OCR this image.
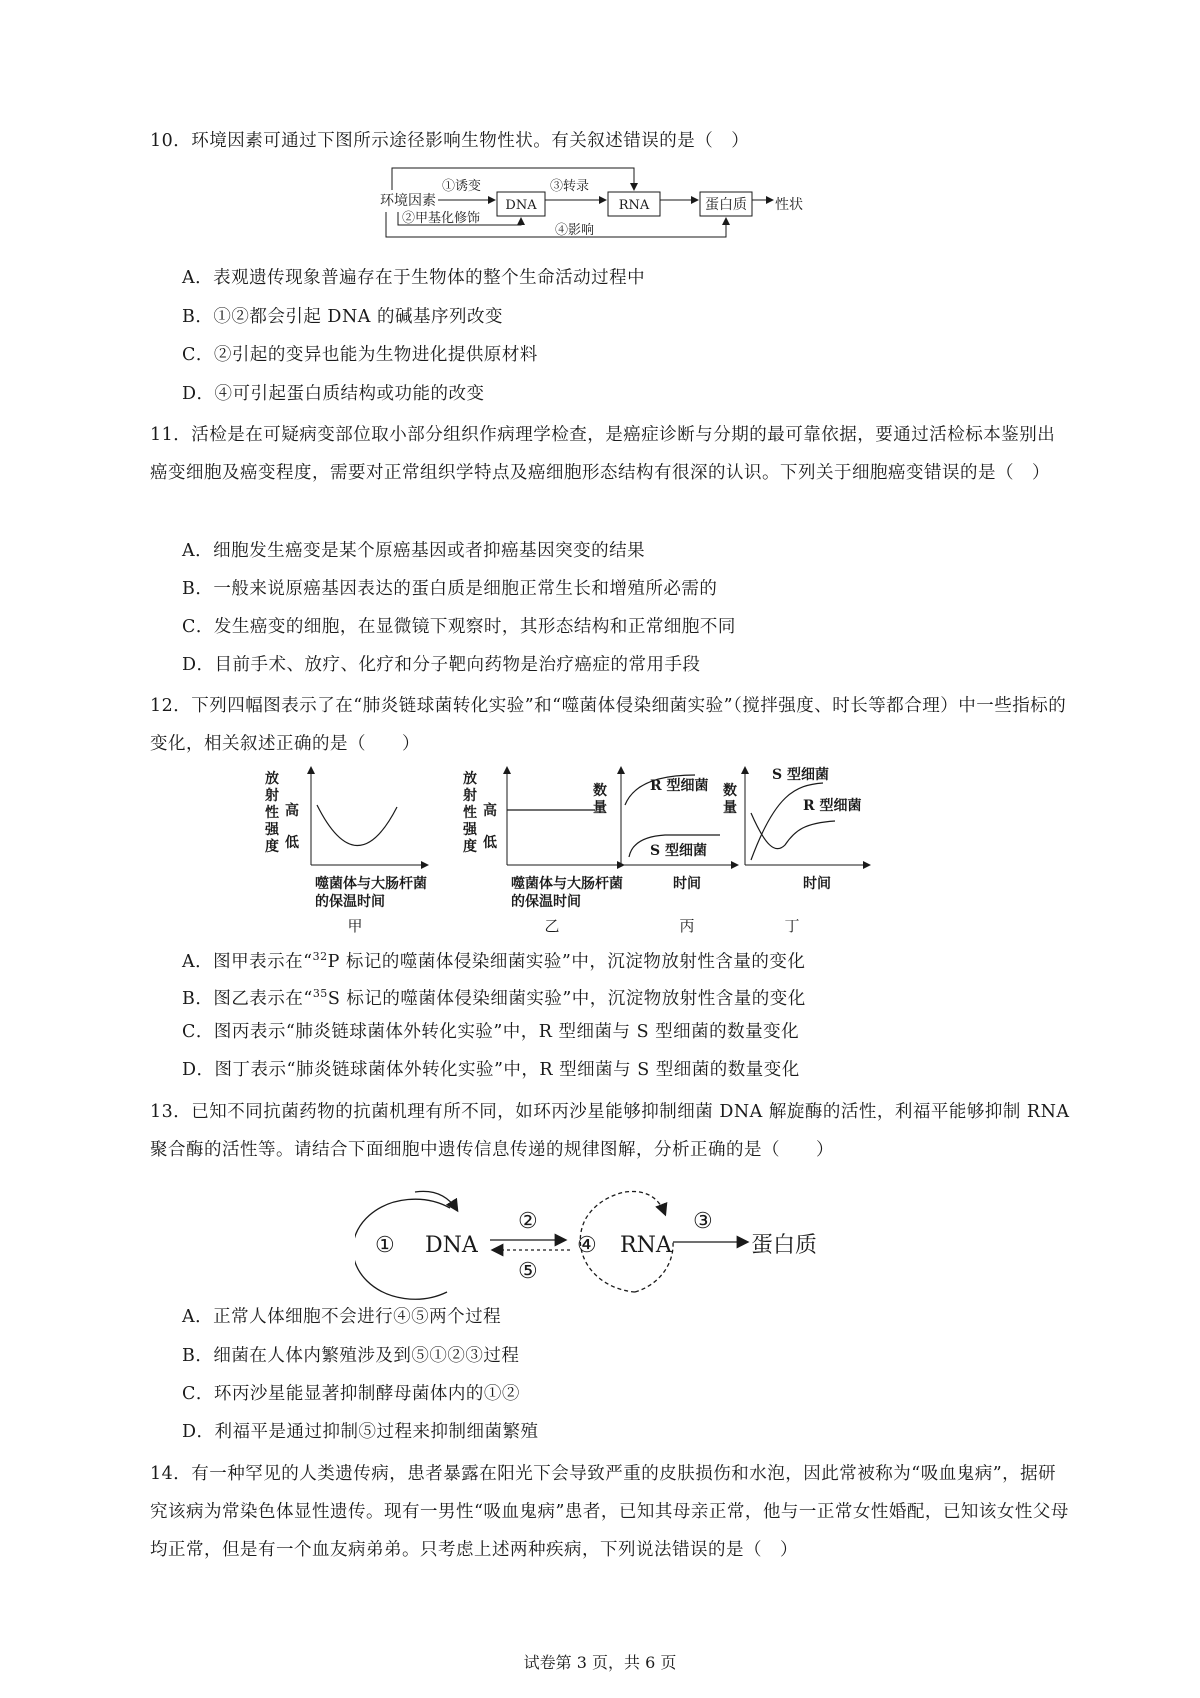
10．环境因素可通过下图所示途径影响生物性状。有关叙述错误的是（　）
环境因素	DNA	RNA	蛋白质 性状
①诱变	③转录
②甲基化修饰
④影响
A．表观遗传现象普遍存在于生物体的整个生命活动过程中
B．①②都会引起 DNA 的碱基序列改变
C．②引起的变异也能为生物进化提供原材料
D．④可引起蛋白质结构或功能的改变
11．活检是在可疑病变部位取小部分组织作病理学检查，是癌症诊断与分期的最可靠依据，要通过活检标本鉴别出癌变细胞及癌变程度，需要对正常组织学特点及癌细胞形态结构有很深的认识。下列关于细胞癌变错误的是（　）
A．细胞发生癌变是某个原癌基因或者抑癌基因突变的结果
B．一般来说原癌基因表达的蛋白质是细胞正常生长和增殖所必需的
C．发生癌变的细胞，在显微镜下观察时，其形态结构和正常细胞不同
D．目前手术、放疗、化疗和分子靶向药物是治疗癌症的常用手段
12．下列四幅图表示了在“肺炎链球菌转化实验”和“噬菌体侵染细菌实验”（搅拌强度、时长等都合理）中一些指标的变化，相关叙述正确的是（　　）
放
射
性
强
度
高
低
噬菌体与大肠杆菌
的保温时间
甲
放
射
性
强
度
高
低
噬菌体与大肠杆菌
的保温时间
乙
数
量
R 型细菌
S 型细菌
时间
丙
数
量
S 型细菌
R 型细菌
时间
丁
A．图甲表示在“$^{32}$P 标记的噬菌体侵染细菌实验”中，沉淀物放射性含量的变化
B．图乙表示在“$^{35}$S 标记的噬菌体侵染细菌实验”中，沉淀物放射性含量的变化
C．图丙表示“肺炎链球菌体外转化实验”中，R 型细菌与 S 型细菌的数量变化
D．图丁表示“肺炎链球菌体外转化实验”中，R 型细菌与 S 型细菌的数量变化
13．已知不同抗菌药物的抗菌机理有所不同，如环丙沙星能够抑制细菌 DNA 解旋酶的活性，利福平能够抑制 RNA 聚合酶的活性等。请结合下面细胞中遗传信息传递的规律图解，分析正确的是（　　）
① DNA
②
⑤
④ RNA
③
蛋白质
A．正常人体细胞不会进行④⑤两个过程
B．细菌在人体内繁殖涉及到⑤①②③过程
C．环丙沙星能显著抑制酵母菌体内的①②
D．利福平是通过抑制⑤过程来抑制细菌繁殖
14．有一种罕见的人类遗传病，患者暴露在阳光下会导致严重的皮肤损伤和水泡，因此常被称为“吸血鬼病”，据研究该病为常染色体显性遗传。现有一男性“吸血鬼病”患者，已知其母亲正常，他与一正常女性婚配，已知该女性父母均正常，但是有一个血友病弟弟。只考虑上述两种疾病，下列说法错误的是（　）
试卷第 3 页，共 6 页
